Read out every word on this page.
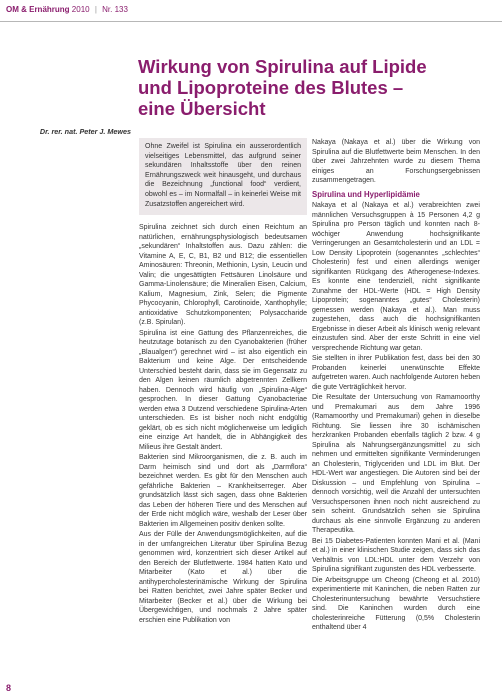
OM & Ernährung 2010 | Nr. 133
Wirkung von Spirulina auf Lipide
und Lipoproteine des Blutes –
eine Übersicht
Dr. rer. nat. Peter J. Mewes

Ohne Zweifel ist Spirulina ein ausserordentlich vielseitiges Lebensmittel, das aufgrund seiner sekundären Inhaltsstoffe über den reinen Ernährungszweck weit hinausgeht, und durchaus die Bezeichnung „functional food“ verdient, obwohl es – im Normalfall – in keinerlei Weise mit Zusatzstoffen angereichert wird.

Spirulina zeichnet sich durch einen Reichtum an natürlichen, ernährungsphysiologisch bedeutsamen „sekundären“ Inhaltstoffen aus. Dazu zählen: die Vitamine A, E, C, B1, B2 und B12; die essentiellen Aminosäuren: Threonin, Methionin, Lysin, Leucin und Valin; die ungesättigten Fettsäuren Linolsäure und Gamma-Linolensäure; die Mineralien Eisen, Calcium, Kalium, Magnesium, Zink, Selen; die Pigmente Phycocyanin, Chlorophyll, Carotinoide, Xanthophylle; antioxidative Schutzkomponenten; Polysaccharide (z.B. Spirulan).

Spirulina ist eine Gattung des Pflanzenreiches, die heutzutage botanisch zu den Cyanobakterien (früher „Blaualgen“) gerechnet wird – ist also eigentlich ein Bakterium und keine Alge. Der entscheidende Unterschied besteht darin, dass sie im Gegensatz zu den Algen keinen räumlich abgetrennten Zellkern haben. Dennoch wird häufig von „Spirulina-Alge“ gesprochen. In dieser Gattung Cyanobacteriae werden etwa 3 Dutzend verschiedene Spirulina-Arten unterschieden. Es ist bisher noch nicht endgültig geklärt, ob es sich nicht möglicherweise um lediglich eine einzige Art handelt, die in Abhängigkeit des Milieus ihre Gestalt ändert.

Bakterien sind Mikroorganismen, die z. B. auch im Darm heimisch sind und dort als „Darmflora“ bezeichnet werden. Es gibt für den Menschen auch gefährliche Bakterien – Krankheitserreger. Aber grundsätzlich lässt sich sagen, dass ohne Bakterien das Leben der höheren Tiere und des Menschen auf der Erde nicht möglich wäre, weshalb der Leser über Bakterien im Allgemeinen positiv denken sollte.

Aus der Fülle der Anwendungsmöglichkeiten, auf die in der umfangreichen Literatur über Spirulina Bezug genommen wird, konzentriert sich dieser Artikel auf den Bereich der Blutfettwerte. 1984 hatten Kato und Mitarbeiter (Kato et al.) über die antihypercholesterinämische Wirkung der Spirulina bei Ratten berichtet, zwei Jahre später Becker und Mitarbeiter (Becker et al.) über die Wirkung bei Übergewichtigen, und nochmals 2 Jahre später erschien eine Publikation von

Nakaya (Nakaya et al.) über die Wirkung von Spirulina auf die Blutfettwerte beim Menschen. In den über zwei Jahrzehnten wurde zu diesem Thema einiges an Forschungsergebnissen zusammengetragen.

Spirulina und Hyperlipidämie

Nakaya et al (Nakaya et al.) verabreichten zwei männlichen Versuchsgruppen à 15 Personen 4,2 g Spirulina pro Person täglich und konnten nach 8-wöchiger Anwendung hochsignifikante Verringerungen an Gesamtcholesterin und an LDL = Low Density Lipoprotein (sogenanntes „schlechtes“ Cholesterin) fest und einen allerdings weniger signifikanten Rückgang des Atherogenese-Indexes. Es konnte eine tendenziell, nicht signifikante Zunahme der HDL-Werte (HDL = High Density Lipoprotein; sogenanntes „gutes“ Cholesterin) gemessen werden (Nakaya et al.). Man muss zugestehen, dass auch die hochsignifikanten Ergebnisse in dieser Arbeit als klinisch wenig relevant einzustufen sind. Aber der erste Schritt in eine viel versprechende Richtung war getan.

Sie stellten in ihrer Publikation fest, dass bei den 30 Probanden keinerlei unerwünschte Effekte aufgetreten waren. Auch nachfolgende Autoren heben die gute Verträglichkeit hervor.

Die Resultate der Untersuchung von Ramamoorthy und Premakumari aus dem Jahre 1996 (Ramamoorthy und Premakumari) gehen in dieselbe Richtung. Sie liessen ihre 30 ischämischen herzkranken Probanden ebenfalls täglich 2 bzw. 4 g Spirulina als Nahrungsergänzungsmittel zu sich nehmen und ermittelten signifikante Verminderungen an Cholesterin, Triglyceriden und LDL im Blut. Der HDL-Wert war angestiegen. Die Autoren sind bei der Diskussion – und Empfehlung von Spirulina – dennoch vorsichtig, weil die Anzahl der untersuchten Versuchspersonen ihnen noch nicht ausreichend zu sein scheint. Grundsätzlich sehen sie Spirulina durchaus als eine sinnvolle Ergänzung zu anderen Therapeutika.

Bei 15 Diabetes-Patienten konnten Mani et al. (Mani et al.) in einer klinischen Studie zeigen, dass sich das Verhältnis von LDL:HDL unter dem Verzehr von Spirulina signifikant zugunsten des HDL verbesserte.

Die Arbeitsgruppe um Cheong (Cheong et al. 2010) experimentierte mit Kaninchen, die neben Ratten zur Cholesterinuntersuchung bewährte Versuchstiere sind. Die Kaninchen wurden durch eine cholesterinreiche Fütterung (0,5% Cholesterin enthaltend über 4

8
